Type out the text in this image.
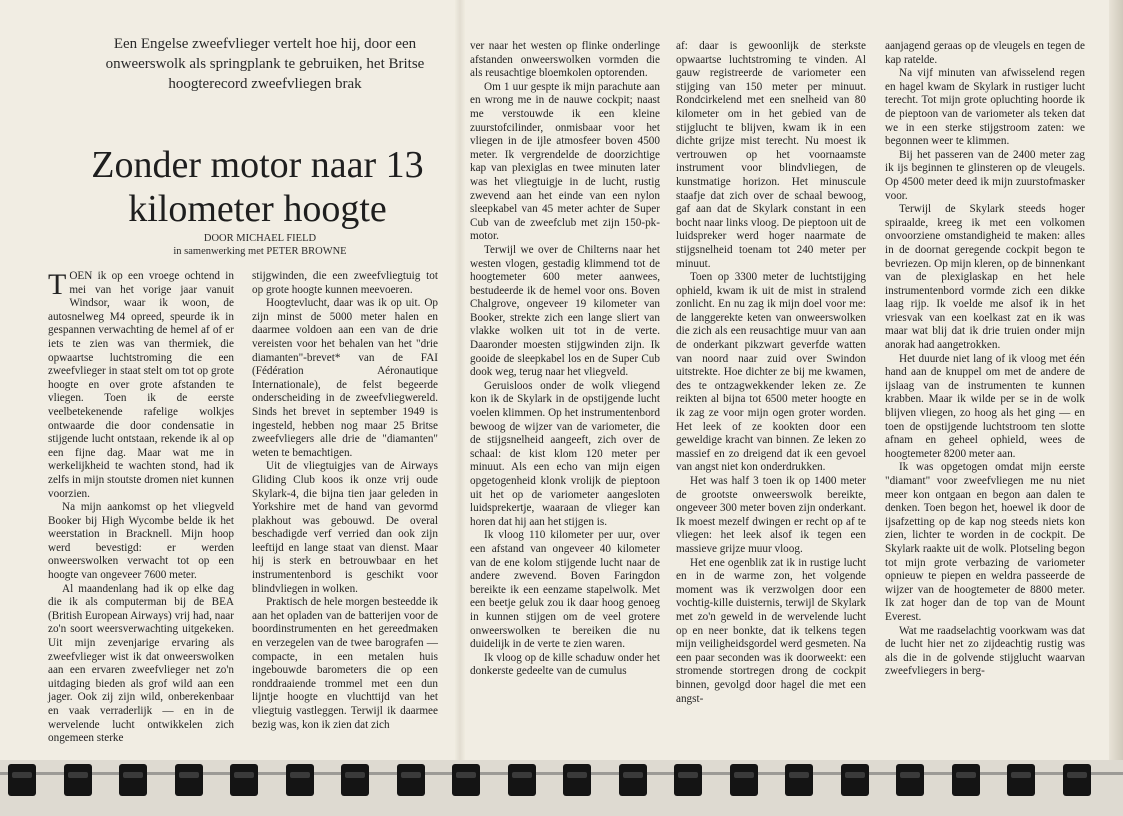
Een Engelse zweefvlieger vertelt hoe hij, door een onweerswolk als springplank te gebruiken, het Britse hoogterecord zweefvliegen brak
Zonder motor naar 13 kilometer hoogte
DOOR MICHAEL FIELD
in samenwerking met PETER BROWNE

TOEN ik op een vroege ochtend in mei van het vorige jaar vanuit Windsor, waar ik woon, de autosnelweg M4 opreed, speurde ik in gespannen verwachting de hemel af of er iets te zien was van thermiek, die opwaartse luchtstroming die een zweefvlieger in staat stelt om tot op grote hoogte en over grote afstanden te vliegen. Toen ik de eerste veelbetekenende rafelige wolkjes ontwaarde die door condensatie in stijgende lucht ontstaan, rekende ik al op een fijne dag. Maar wat me in werkelijkheid te wachten stond, had ik zelfs in mijn stoutste dromen niet kunnen voorzien.

Na mijn aankomst op het vliegveld Booker bij High Wycombe belde ik het weerstation in Bracknell. Mijn hoop werd bevestigd: er werden onweerswolken verwacht tot op een hoogte van ongeveer 7600 meter.

Al maandenlang had ik op elke dag die ik als computerman bij de BEA (British European Airways) vrij had, naar zo'n soort weersverwachting uitgekeken. Uit mijn zevenjarige ervaring als zweefvlieger wist ik dat onweerswolken aan een ervaren zweefvlieger net zo'n uitdaging bieden als grof wild aan een jager. Ook zij zijn wild, onberekenbaar en vaak verraderlijk — en in de wervelende lucht ontwikkelen zich ongemeen sterke

stijgwinden, die een zweefvliegtuig tot op grote hoogte kunnen meevoeren.

Hoogtevlucht, daar was ik op uit. Op zijn minst de 5000 meter halen en daarmee voldoen aan een van de drie vereisten voor het behalen van het "drie diamanten"-brevet* van de FAI (Fédération Aéronautique Internationale), de felst begeerde onderscheiding in de zweefvliegwereld. Sinds het brevet in september 1949 is ingesteld, hebben nog maar 25 Britse zweefvliegers alle drie de "diamanten" weten te bemachtigen.

Uit de vliegtuigjes van de Airways Gliding Club koos ik onze vrij oude Skylark-4, die bijna tien jaar geleden in Yorkshire met de hand van gevormd plakhout was gebouwd. De overal beschadigde verf verried dan ook zijn leeftijd en lange staat van dienst. Maar hij is sterk en betrouwbaar en het instrumentenbord is geschikt voor blindvliegen in wolken.

Praktisch de hele morgen besteedde ik aan het opladen van de batterijen voor de boordinstrumenten en het gereedmaken en verzegelen van de twee barografen — compacte, in een metalen huis ingebouwde barometers die op een ronddraaiende trommel met een dun lijntje hoogte en vluchttijd van het vliegtuig vastleggen. Terwijl ik daarmee bezig was, kon ik zien dat zich

ver naar het westen op flinke onderlinge afstanden onweerswolken vormden die als reusachtige bloemkolen optorenden.

Om 1 uur gespte ik mijn parachute aan en wrong me in de nauwe cockpit; naast me verstouwde ik een kleine zuurstofcilinder, onmisbaar voor het vliegen in de ijle atmosfeer boven 4500 meter. Ik vergrendelde de doorzichtige kap van plexiglas en twee minuten later was het vliegtuigje in de lucht, rustig zwevend aan het einde van een nylon sleepkabel van 45 meter achter de Super Cub van de zweefclub met zijn 150-pk-motor.

Terwijl we over de Chilterns naar het westen vlogen, gestadig klimmend tot de hoogtemeter 600 meter aanwees, bestudeerde ik de hemel voor ons. Boven Chalgrove, ongeveer 19 kilometer van Booker, strekte zich een lange sliert van vlakke wolken uit tot in de verte. Daaronder moesten stijgwinden zijn. Ik gooide de sleepkabel los en de Super Cub dook weg, terug naar het vliegveld.

Geruisloos onder de wolk vliegend kon ik de Skylark in de opstijgende lucht voelen klimmen. Op het instrumentenbord bewoog de wijzer van de variometer, die de stijgsnelheid aangeeft, zich over de schaal: de kist klom 120 meter per minuut. Als een echo van mijn eigen opgetogenheid klonk vrolijk de pieptoon uit het op de variometer aangesloten luidsprekertje, waaraan de vlieger kan horen dat hij aan het stijgen is.

Ik vloog 110 kilometer per uur, over een afstand van ongeveer 40 kilometer van de ene kolom stijgende lucht naar de andere zwevend. Boven Faringdon bereikte ik een eenzame stapelwolk. Met een beetje geluk zou ik daar hoog genoeg in kunnen stijgen om de veel grotere onweerswolken te bereiken die nu duidelijk in de verte te zien waren.

Ik vloog op de kille schaduw onder het donkerste gedeelte van de cumulus

af: daar is gewoonlijk de sterkste opwaartse luchtstroming te vinden. Al gauw registreerde de variometer een stijging van 150 meter per minuut. Rondcirkelend met een snelheid van 80 kilometer om in het gebied van de stijglucht te blijven, kwam ik in een dichte grijze mist terecht. Nu moest ik vertrouwen op het voornaamste instrument voor blindvliegen, de kunstmatige horizon. Het minuscule staafje dat zich over de schaal bewoog, gaf aan dat de Skylark constant in een bocht naar links vloog. De pieptoon uit de luidspreker werd hoger naarmate de stijgsnelheid toenam tot 240 meter per minuut.

Toen op 3300 meter de luchtstijging ophield, kwam ik uit de mist in stralend zonlicht. En nu zag ik mijn doel voor me: de langgerekte keten van onweerswolken die zich als een reusachtige muur van aan de onderkant pikzwart geverfde watten van noord naar zuid over Swindon uitstrekte. Hoe dichter ze bij me kwamen, des te ontzagwekkender leken ze. Ze reikten al bijna tot 6500 meter hoogte en ik zag ze voor mijn ogen groter worden. Het leek of ze kookten door een geweldige kracht van binnen. Ze leken zo massief en zo dreigend dat ik een gevoel van angst niet kon onderdrukken.

Het was half 3 toen ik op 1400 meter de grootste onweerswolk bereikte, ongeveer 300 meter boven zijn onderkant. Ik moest mezelf dwingen er recht op af te vliegen: het leek alsof ik tegen een massieve grijze muur vloog.

Het ene ogenblik zat ik in rustige lucht en in de warme zon, het volgende moment was ik verzwolgen door een vochtig-kille duisternis, terwijl de Skylark met zo'n geweld in de wervelende lucht op en neer bonkte, dat ik telkens tegen mijn veiligheidsgordel werd gesmeten. Na een paar seconden was ik doorweekt: een stromende stortregen drong de cockpit binnen, gevolgd door hagel die met een angst-

aanjagend geraas op de vleugels en tegen de kap ratelde.

Na vijf minuten van afwisselend regen en hagel kwam de Skylark in rustiger lucht terecht. Tot mijn grote opluchting hoorde ik de pieptoon van de variometer als teken dat we in een sterke stijgstroom zaten: we begonnen weer te klimmen.

Bij het passeren van de 2400 meter zag ik ijs beginnen te glinsteren op de vleugels. Op 4500 meter deed ik mijn zuurstofmasker voor.

Terwijl de Skylark steeds hoger spiraalde, kreeg ik met een volkomen onvoorziene omstandigheid te maken: alles in de doornat geregende cockpit begon te bevriezen. Op mijn kleren, op de binnenkant van de plexiglaskap en het hele instrumentenbord vormde zich een dikke laag rijp. Ik voelde me alsof ik in het vriesvak van een koelkast zat en ik was maar wat blij dat ik drie truien onder mijn anorak had aangetrokken.

Het duurde niet lang of ik vloog met één hand aan de knuppel om met de andere de ijslaag van de instrumenten te kunnen krabben. Maar ik wilde per se in de wolk blijven vliegen, zo hoog als het ging — en toen de opstijgende luchtstroom ten slotte afnam en geheel ophield, wees de hoogtemeter 8200 meter aan.

Ik was opgetogen omdat mijn eerste "diamant" voor zweefvliegen me nu niet meer kon ontgaan en begon aan dalen te denken. Toen begon het, hoewel ik door de ijsafzetting op de kap nog steeds niets kon zien, lichter te worden in de cockpit. De Skylark raakte uit de wolk. Plotseling begon tot mijn grote verbazing de variometer opnieuw te piepen en weldra passeerde de wijzer van de hoogtemeter de 8800 meter. Ik zat hoger dan de top van de Mount Everest.

Wat me raadselachtig voorkwam was dat de lucht hier net zo zijdeachtig rustig was als die in de golvende stijglucht waarvan zweefvliegers in berg-
